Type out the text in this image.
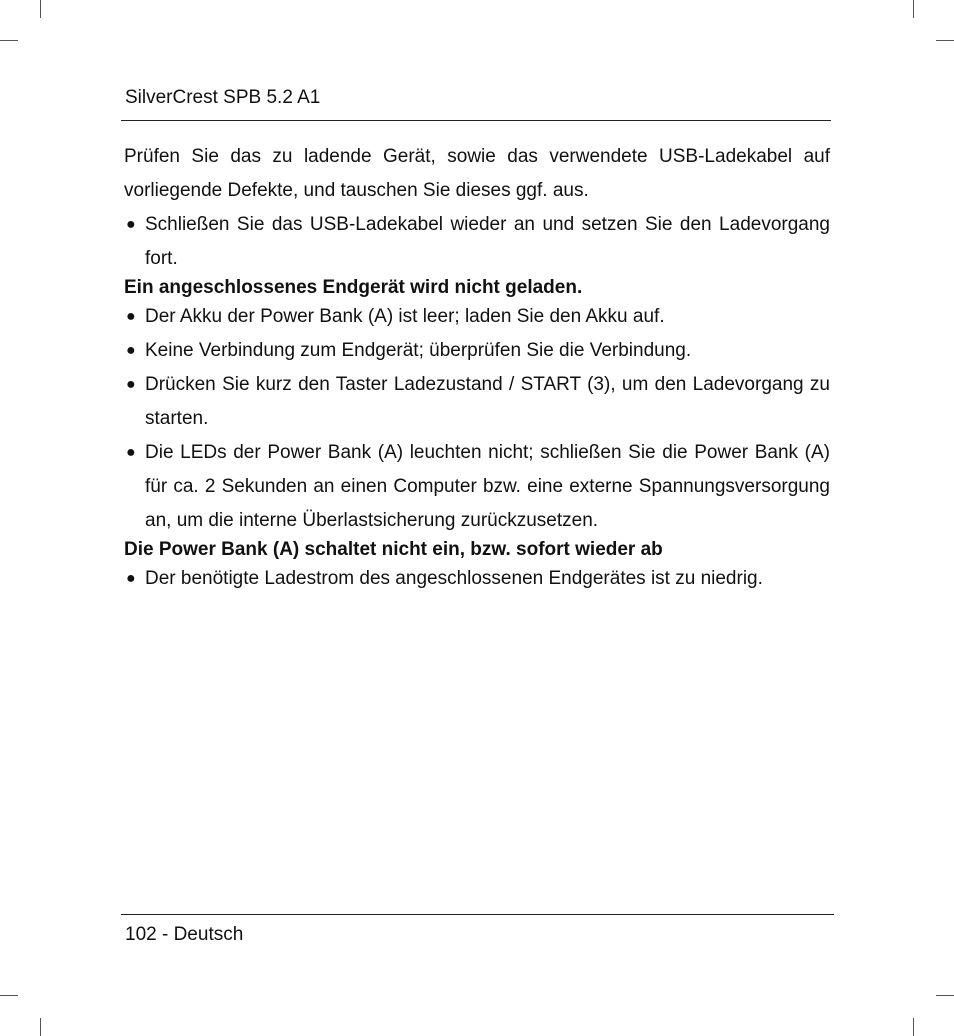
SilverCrest SPB 5.2 A1

Prüfen Sie das zu ladende Gerät, sowie das verwendete USB-Ladekabel auf vorliegende Defekte, und tauschen Sie dieses ggf. aus.

● Schließen Sie das USB-Ladekabel wieder an und setzen Sie den Ladevorgang fort.

Ein angeschlossenes Endgerät wird nicht geladen.

● Der Akku der Power Bank (A) ist leer; laden Sie den Akku auf.
● Keine Verbindung zum Endgerät; überprüfen Sie die Verbindung.
● Drücken Sie kurz den Taster Ladezustand / START (3), um den Ladevorgang zu starten.
● Die LEDs der Power Bank (A) leuchten nicht; schließen Sie die Power Bank (A) für ca. 2 Sekunden an einen Computer bzw. eine externe Spannungsversorgung an, um die interne Überlastsicherung zurückzusetzen.

Die Power Bank (A) schaltet nicht ein, bzw. sofort wieder ab

● Der benötigte Ladestrom des angeschlossenen Endgerätes ist zu niedrig.
102 - Deutsch
